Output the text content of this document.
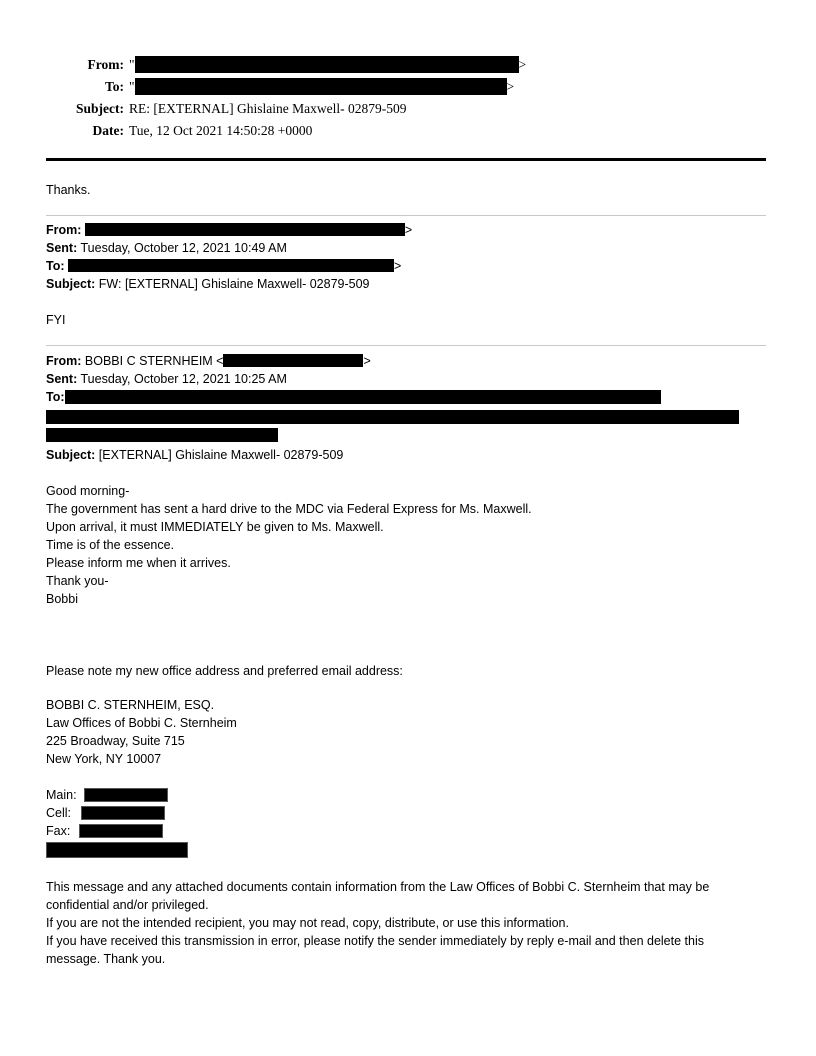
From: "	>
To: "	>
Subject: RE: [EXTERNAL] Ghislaine Maxwell- 02879-509
Date: Tue, 12 Oct 2021 14:50:28 +0000
Thanks.
From:	>
Sent: Tuesday, October 12, 2021 10:49 AM
To:	>
Subject: FW: [EXTERNAL] Ghislaine Maxwell- 02879-509
FYI
From: BOBBI C STERNHEIM <	>
Sent: Tuesday, October 12, 2021 10:25 AM
To:
Subject: [EXTERNAL] Ghislaine Maxwell- 02879-509
Good morning-
The government has sent a hard drive to the MDC via Federal Express for Ms. Maxwell.
Upon arrival, it must IMMEDIATELY be given to Ms. Maxwell.
Time is of the essence.
Please inform me when it arrives.
Thank you-
Bobbi
Please note my new office address and preferred email address:
BOBBI C. STERNHEIM, ESQ.
Law Offices of Bobbi C. Sternheim
225 Broadway, Suite 715
New York, NY 10007
Main:
Cell:
Fax:
This message and any attached documents contain information from the Law Offices of Bobbi C. Sternheim that may be
confidential and/or privileged.
If you are not the intended recipient, you may not read, copy, distribute, or use this information.
If you have received this transmission in error, please notify the sender immediately by reply e-mail and then delete this
message. Thank you.
